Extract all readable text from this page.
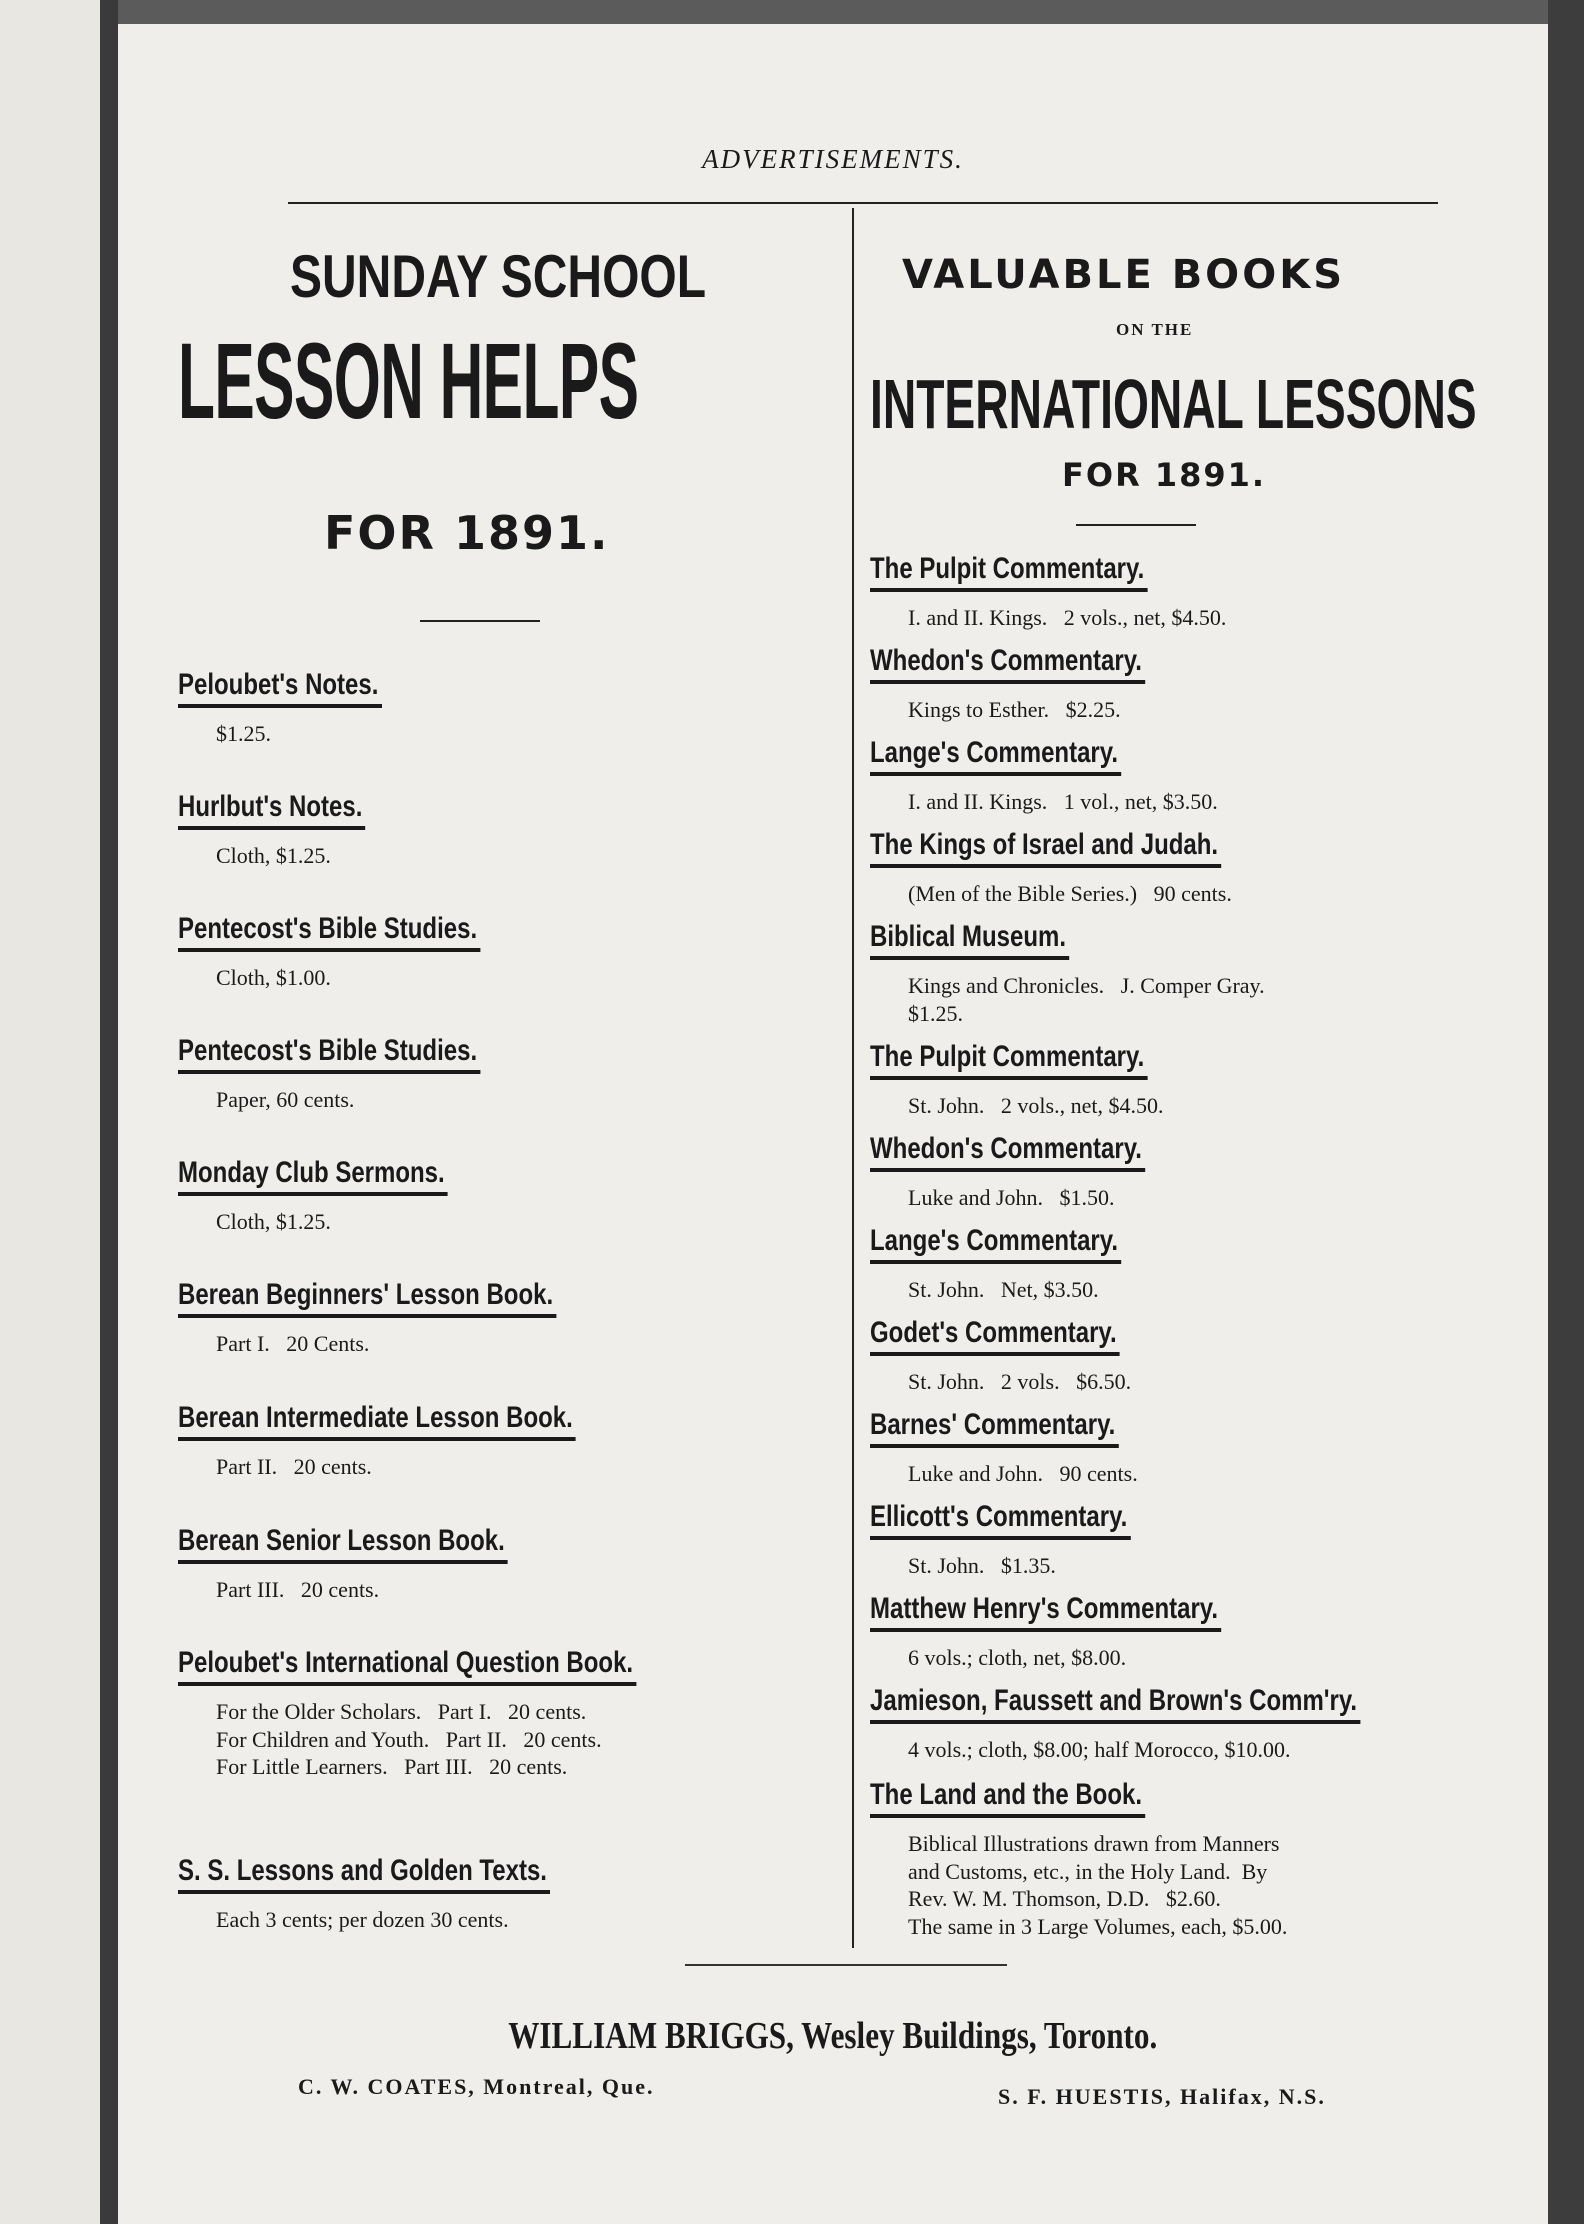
ADVERTISEMENTS.
SUNDAY SCHOOL
LESSON HELPS
FOR 1891.
Peloubet's Notes.
$1.25.
Hurlbut's Notes.
Cloth, $1.25.
Pentecost's Bible Studies.
Cloth, $1.00.
Pentecost's Bible Studies.
Paper, 60 cents.
Monday Club Sermons.
Cloth, $1.25.
Berean Beginners' Lesson Book.
Part I.   20 Cents.
Berean Intermediate Lesson Book.
Part II.   20 cents.
Berean Senior Lesson Book.
Part III.   20 cents.
Peloubet's International Question Book.
For the Older Scholars.   Part I.   20 cents.
For Children and Youth.   Part II.   20 cents.
For Little Learners.   Part III.   20 cents.
S. S. Lessons and Golden Texts.
Each 3 cents; per dozen 30 cents.
VALUABLE BOOKS
ON THE
INTERNATIONAL LESSONS
FOR 1891.
The Pulpit Commentary.
I. and II. Kings.   2 vols., net, $4.50.
Whedon's Commentary.
Kings to Esther.   $2.25.
Lange's Commentary.
I. and II. Kings.   1 vol., net, $3.50.
The Kings of Israel and Judah.
(Men of the Bible Series.)   90 cents.
Biblical Museum.
Kings and Chronicles.   J. Comper Gray.
$1.25.
The Pulpit Commentary.
St. John.   2 vols., net, $4.50.
Whedon's Commentary.
Luke and John.   $1.50.
Lange's Commentary.
St. John.   Net, $3.50.
Godet's Commentary.
St. John.   2 vols.   $6.50.
Barnes' Commentary.
Luke and John.   90 cents.
Ellicott's Commentary.
St. John.   $1.35.
Matthew Henry's Commentary.
6 vols.; cloth, net, $8.00.
Jamieson, Faussett and Brown's Comm'ry.
4 vols.; cloth, $8.00; half Morocco, $10.00.
The Land and the Book.
Biblical Illustrations drawn from Manners
and Customs, etc., in the Holy Land.  By
Rev. W. M. Thomson, D.D.   $2.60.
The same in 3 Large Volumes, each, $5.00.
WILLIAM BRIGGS, Wesley Buildings, Toronto.
C. W. COATES, Montreal, Que.	S. F. HUESTIS, Halifax, N.S.
